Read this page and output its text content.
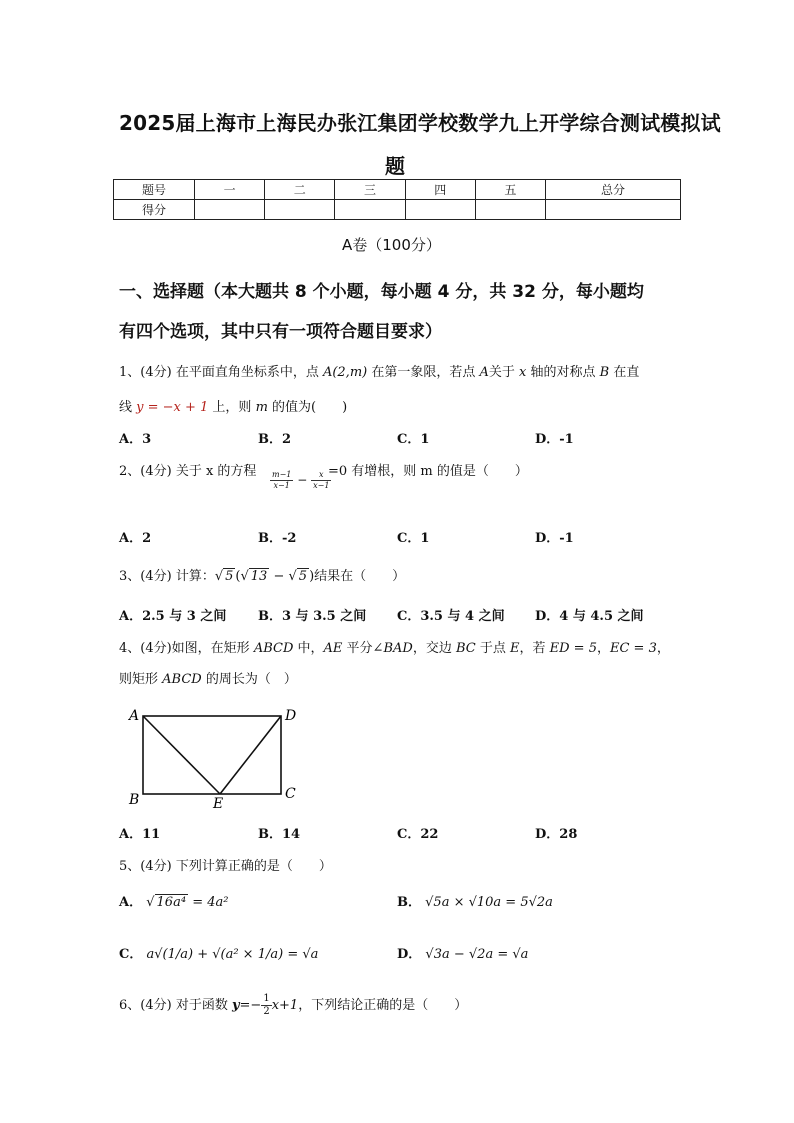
2025届上海市上海民办张江集团学校数学九上开学综合测试模拟试
题
题号	一	二	三	四	五	总分
得分						
A卷（100分）
一、选择题（本大题共 8 个小题，每小题 4 分，共 32 分，每小题均
有四个选项，其中只有一项符合题目要求）
1、(4分) 在平面直角坐标系中，点 A(2,m) 在第一象限，若点 A关于 x 轴的对称点 B 在直
线 y = −x + 1 上，则 m 的值为(　　)
A．3	B．2	C．1	D．-1
2、(4分) 关于 x 的方程 $\frac{m-1}{x-1} - \frac{x}{x-1}$
=0 有增根，则 m 的值是（　　）
A．2	B．-2	C．1	D．-1
3、(4分) 计算：√ 5 (√ 13 − √ 5 )结果在（　　）
A．2.5 与 3 之间 B．3 与 3.5 之间 C．3.5 与 4 之间 D．4 与 4.5 之间
4、(4分)如图，在矩形 ABCD 中，AE 平分∠BAD，交边 BC 于点 E，若 ED = 5，EC = 3，
则矩形 ABCD 的周长为（　）
A	D
B	C
E
A．11	B．14	C．22	D．28
5、(4分) 下列计算正确的是（　　）
A． √ 16a⁴ = 4a²	B． √5a × √10a = 5√2a
C． a√(1/a) + √(a² × 1/a) = √a	D． √3a − √2a = √a
6、(4分) 对于函数 $y=- \frac{1}{2} x+1$，下列结论正确的是（　　）
